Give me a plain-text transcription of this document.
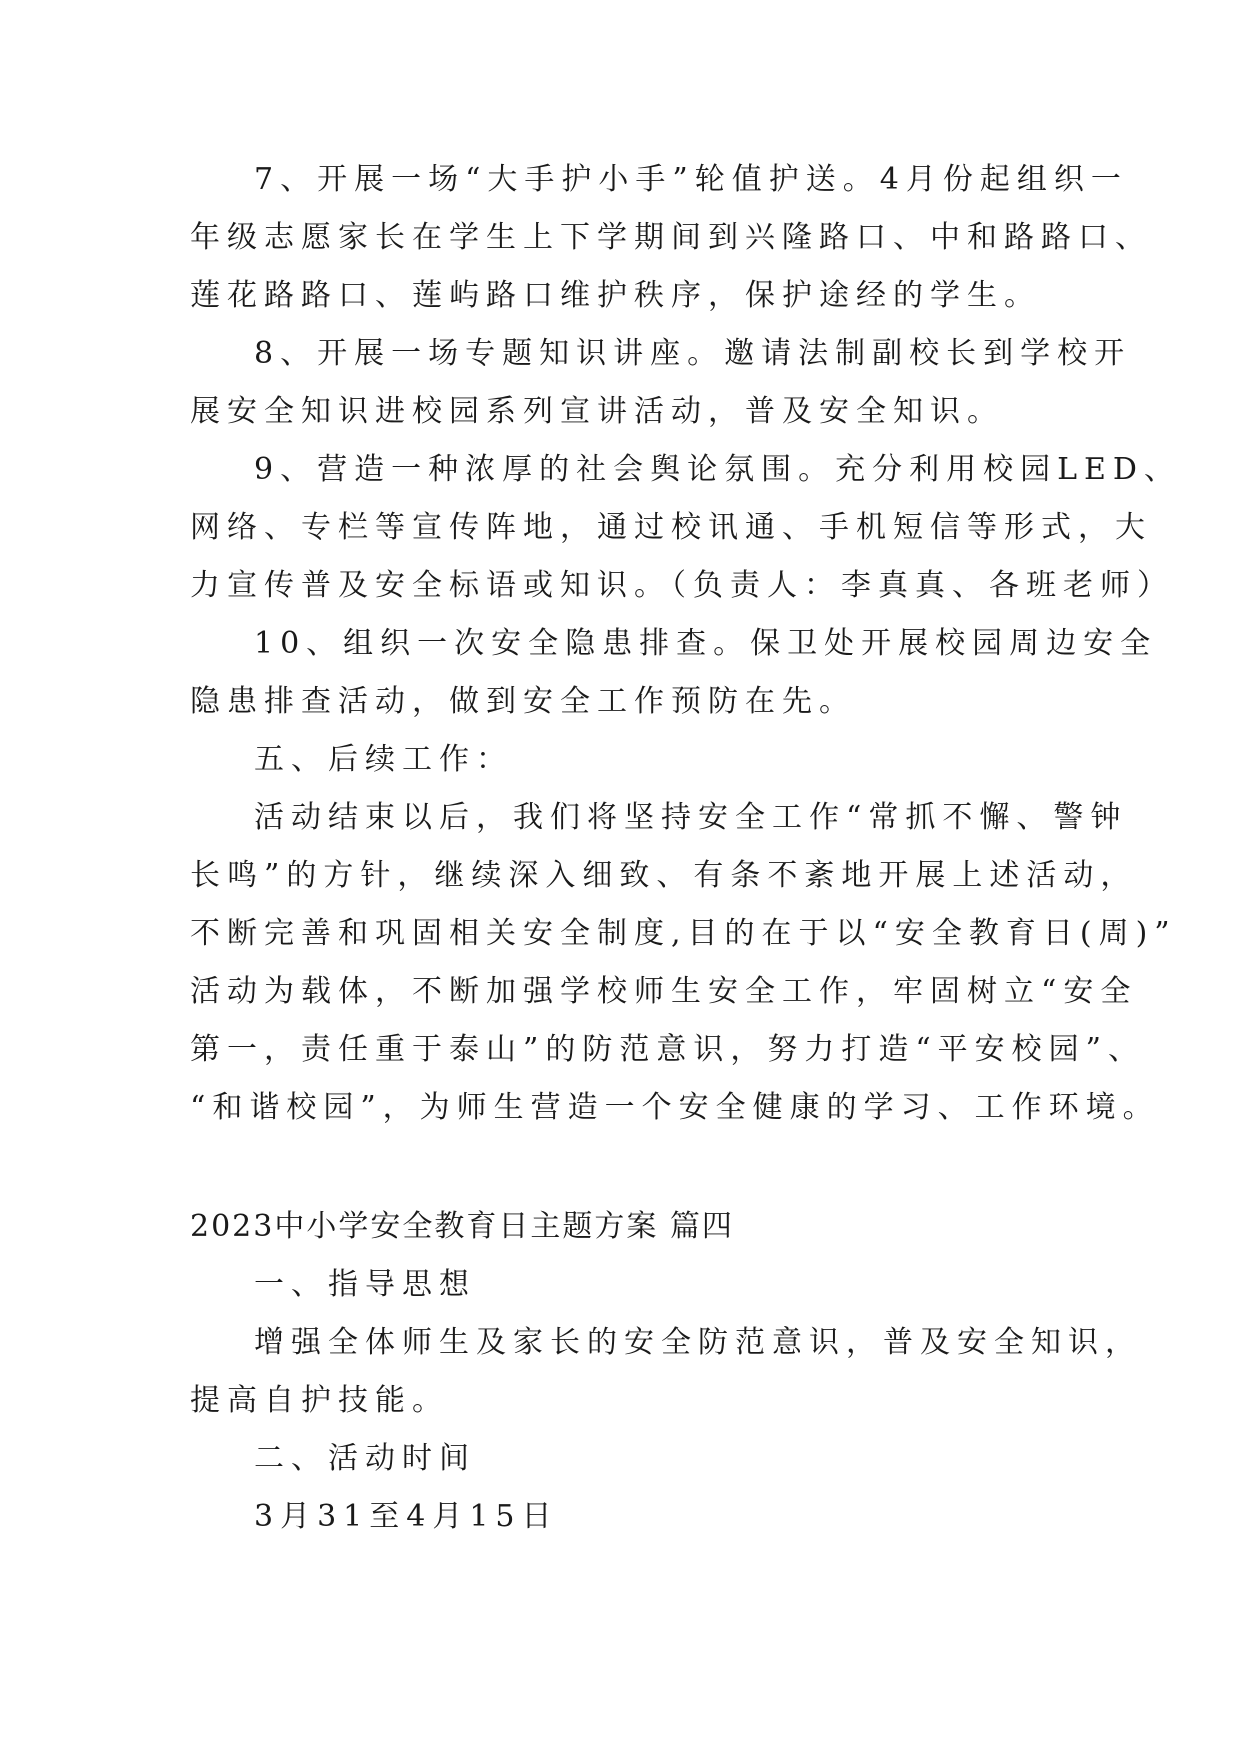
7、开展一场“大手护小手”轮值护送。4月份起组织一
年级志愿家长在学生上下学期间到兴隆路口、中和路路口、
莲花路路口、莲屿路口维护秩序，保护途经的学生。
8、开展一场专题知识讲座。邀请法制副校长到学校开
展安全知识进校园系列宣讲活动，普及安全知识。
9、营造一种浓厚的社会舆论氛围。充分利用校园LED、
网络、专栏等宣传阵地，通过校讯通、手机短信等形式，大
力宣传普及安全标语或知识。（负责人：李真真、各班老师）
10、组织一次安全隐患排查。保卫处开展校园周边安全
隐患排查活动，做到安全工作预防在先。
五、后续工作：
活动结束以后，我们将坚持安全工作“常抓不懈、警钟
长鸣”的方针，继续深入细致、有条不紊地开展上述活动，
不断完善和巩固相关安全制度,目的在于以“安全教育日(周)”
活动为载体，不断加强学校师生安全工作，牢固树立“安全
第一，责任重于泰山”的防范意识，努力打造“平安校园”、
“和谐校园”，为师生营造一个安全健康的学习、工作环境。
2023中小学安全教育日主题方案 篇四
一、指导思想
增强全体师生及家长的安全防范意识，普及安全知识，
提高自护技能。
二、活动时间
3月31至4月15日
